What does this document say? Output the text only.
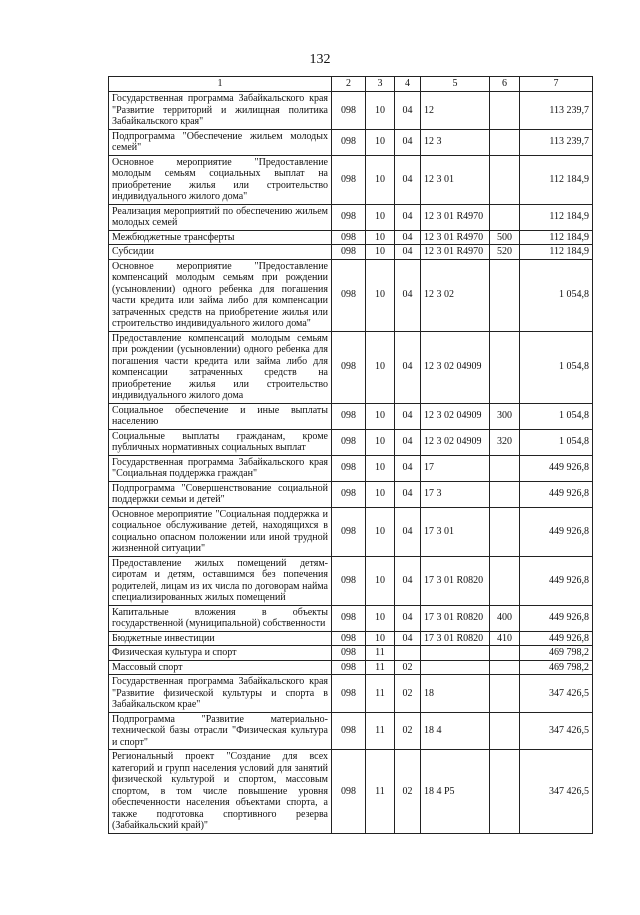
132
1	2	3	4	5	6	7
Государственная программа Забайкальского края "Развитие территорий и жилищная политика Забайкальского края"	098	10	04	12		113 239,7
Подпрограмма "Обеспечение жильем молодых семей"	098	10	04	12 3		113 239,7
Основное мероприятие "Предоставление молодым семьям социальных выплат на приобретение жилья или строительство индивидуального жилого дома"	098	10	04	12 3 01		112 184,9
Реализация мероприятий по обеспечению жильем молодых семей	098	10	04	12 3 01 R4970		112 184,9
Межбюджетные трансферты	098	10	04	12 3 01 R4970	500	112 184,9
Субсидии	098	10	04	12 3 01 R4970	520	112 184,9
Основное мероприятие "Предоставление компенсаций молодым семьям при рождении (усыновлении) одного ребенка для погашения части кредита или займа либо для компенсации затраченных средств на приобретение жилья или строительство индивидуального жилого дома"	098	10	04	12 3 02		1 054,8
Предоставление компенсаций молодым семьям при рождении (усыновлении) одного ребенка для погашения части кредита или займа либо для компенсации затраченных средств на приобретение жилья или строительство индивидуального жилого дома	098	10	04	12 3 02 04909		1 054,8
Социальное обеспечение и иные выплаты населению	098	10	04	12 3 02 04909	300	1 054,8
Социальные выплаты гражданам, кроме публичных нормативных социальных выплат	098	10	04	12 3 02 04909	320	1 054,8
Государственная программа Забайкальского края "Социальная поддержка граждан"	098	10	04	17		449 926,8
Подпрограмма "Совершенствование социальной поддержки семьи и детей"	098	10	04	17 3		449 926,8
Основное мероприятие "Социальная поддержка и социальное обслуживание детей, находящихся в социально опасном положении или иной трудной жизненной ситуации"	098	10	04	17 3 01		449 926,8
Предоставление жилых помещений детям-сиротам и детям, оставшимся без попечения родителей, лицам из их числа по договорам найма специализированных жилых помещений	098	10	04	17 3 01 R0820		449 926,8
Капитальные вложения в объекты государственной (муниципальной) собственности	098	10	04	17 3 01 R0820	400	449 926,8
Бюджетные инвестиции	098	10	04	17 3 01 R0820	410	449 926,8
Физическая культура и спорт	098	11				469 798,2
Массовый спорт	098	11	02			469 798,2
Государственная программа Забайкальского края "Развитие физической культуры и спорта в Забайкальском крае"	098	11	02	18		347 426,5
Подпрограмма "Развитие материально-технической базы отрасли "Физическая культура и спорт"	098	11	02	18 4		347 426,5
Региональный проект "Создание для всех категорий и групп населения условий для занятий физической культурой и спортом, массовым спортом, в том числе повышение уровня обеспеченности населения объектами спорта, а также подготовка спортивного резерва (Забайкальский край)"	098	11	02	18 4 P5		347 426,5
